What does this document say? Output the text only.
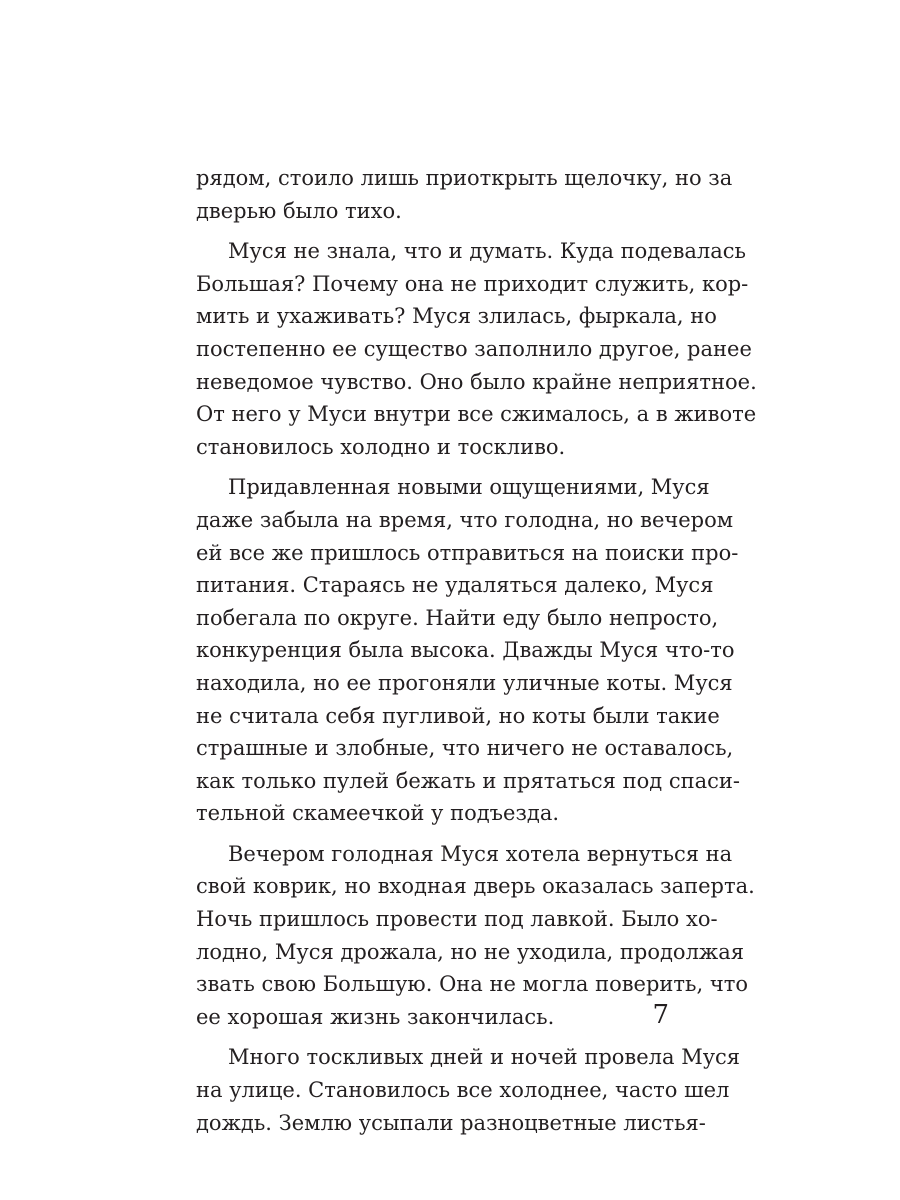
рядом, стоило лишь приоткрыть щелочку, но за
дверью было тихо.
Муся не знала, что и думать. Куда подевалась
Большая? Почему она не приходит служить, кор-
мить и ухаживать? Муся злилась, фыркала, но
постепенно ее существо заполнило другое, ранее
неведомое чувство. Оно было крайне неприятное.
От него у Муси внутри все сжималось, а в животе
становилось холодно и тоскливо.
Придавленная новыми ощущениями, Муся
даже забыла на время, что голодна, но вечером
ей все же пришлось отправиться на поиски про-
питания. Стараясь не удаляться далеко, Муся
побегала по округе. Найти еду было непросто,
конкуренция была высока. Дважды Муся что-то
находила, но ее прогоняли уличные коты. Муся
не считала себя пугливой, но коты были такие
страшные и злобные, что ничего не оставалось,
как только пулей бежать и прятаться под спаси-
тельной скамеечкой у подъезда.
Вечером голодная Муся хотела вернуться на
свой коврик, но входная дверь оказалась заперта.
Ночь пришлось провести под лавкой. Было хо-
лодно, Муся дрожала, но не уходила, продолжая
звать свою Большую. Она не могла поверить, что
ее хорошая жизнь закончилась.
Много тоскливых дней и ночей провела Муся
на улице. Становилось все холоднее, часто шел
дождь. Землю усыпали разноцветные листья-
7
